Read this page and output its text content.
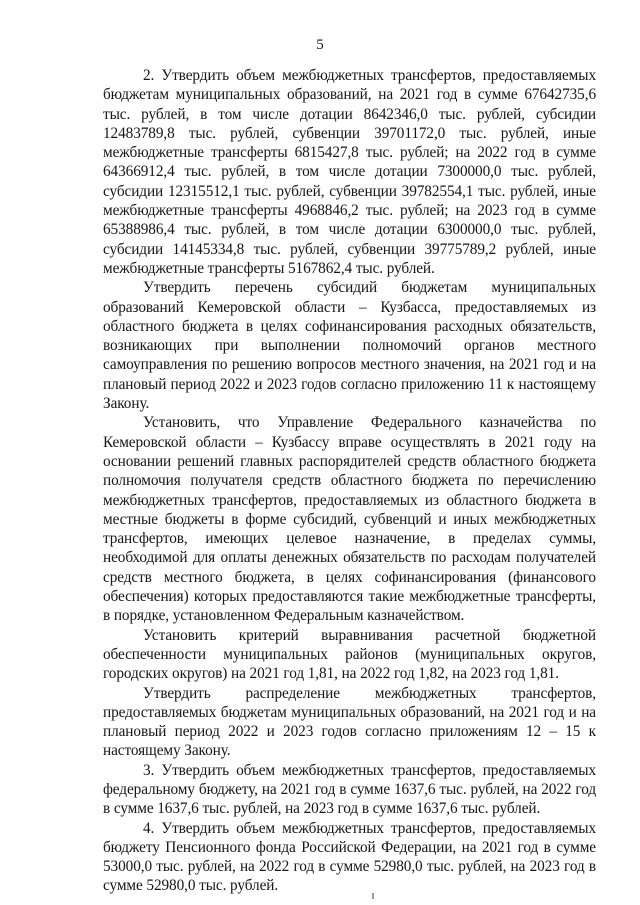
5

2. Утвердить объем межбюджетных трансфертов, предоставляемых бюджетам муниципальных образований, на 2021 год в сумме 67642735,6 тыс. рублей, в том числе дотации 8642346,0 тыс. рублей, субсидии 12483789,8 тыс. рублей, субвенции 39701172,0 тыс. рублей, иные межбюджетные трансферты 6815427,8 тыс. рублей; на 2022 год в сумме 64366912,4 тыс. рублей, в том числе дотации 7300000,0 тыс. рублей, субсидии 12315512,1 тыс. рублей, субвенции 39782554,1 тыс. рублей, иные межбюджетные трансферты 4968846,2 тыс. рублей; на 2023 год в сумме 65388986,4 тыс. рублей, в том числе дотации 6300000,0 тыс. рублей, субсидии 14145334,8 тыс. рублей, субвенции 39775789,2 рублей, иные межбюджетные трансферты 5167862,4 тыс. рублей.

Утвердить перечень субсидий бюджетам муниципальных образований Кемеровской области – Кузбасса, предоставляемых из областного бюджета в целях софинансирования расходных обязательств, возникающих при выполнении полномочий органов местного самоуправления по решению вопросов местного значения, на 2021 год и на плановый период 2022 и 2023 годов согласно приложению 11 к настоящему Закону.

Установить, что Управление Федерального казначейства по Кемеровской области – Кузбассу вправе осуществлять в 2021 году на основании решений главных распорядителей средств областного бюджета полномочия получателя средств областного бюджета по перечислению межбюджетных трансфертов, предоставляемых из областного бюджета в местные бюджеты в форме субсидий, субвенций и иных межбюджетных трансфертов, имеющих целевое назначение, в пределах суммы, необходимой для оплаты денежных обязательств по расходам получателей средств местного бюджета, в целях софинансирования (финансового обеспечения) которых предоставляются такие межбюджетные трансферты, в порядке, установленном Федеральным казначейством.

Установить критерий выравнивания расчетной бюджетной обеспеченности муниципальных районов (муниципальных округов, городских округов) на 2021 год 1,81, на 2022 год 1,82, на 2023 год 1,81.

Утвердить распределение межбюджетных трансфертов, предоставляемых бюджетам муниципальных образований, на 2021 год и на плановый период 2022 и 2023 годов согласно приложениям 12 – 15 к настоящему Закону.

3. Утвердить объем межбюджетных трансфертов, предоставляемых федеральному бюджету, на 2021 год в сумме 1637,6 тыс. рублей, на 2022 год в сумме 1637,6 тыс. рублей, на 2023 год в сумме 1637,6 тыс. рублей.

4. Утвердить объем межбюджетных трансфертов, предоставляемых бюджету Пенсионного фонда Российской Федерации, на 2021 год в сумме 53000,0 тыс. рублей, на 2022 год в сумме 52980,0 тыс. рублей, на 2023 год в сумме 52980,0 тыс. рублей.
